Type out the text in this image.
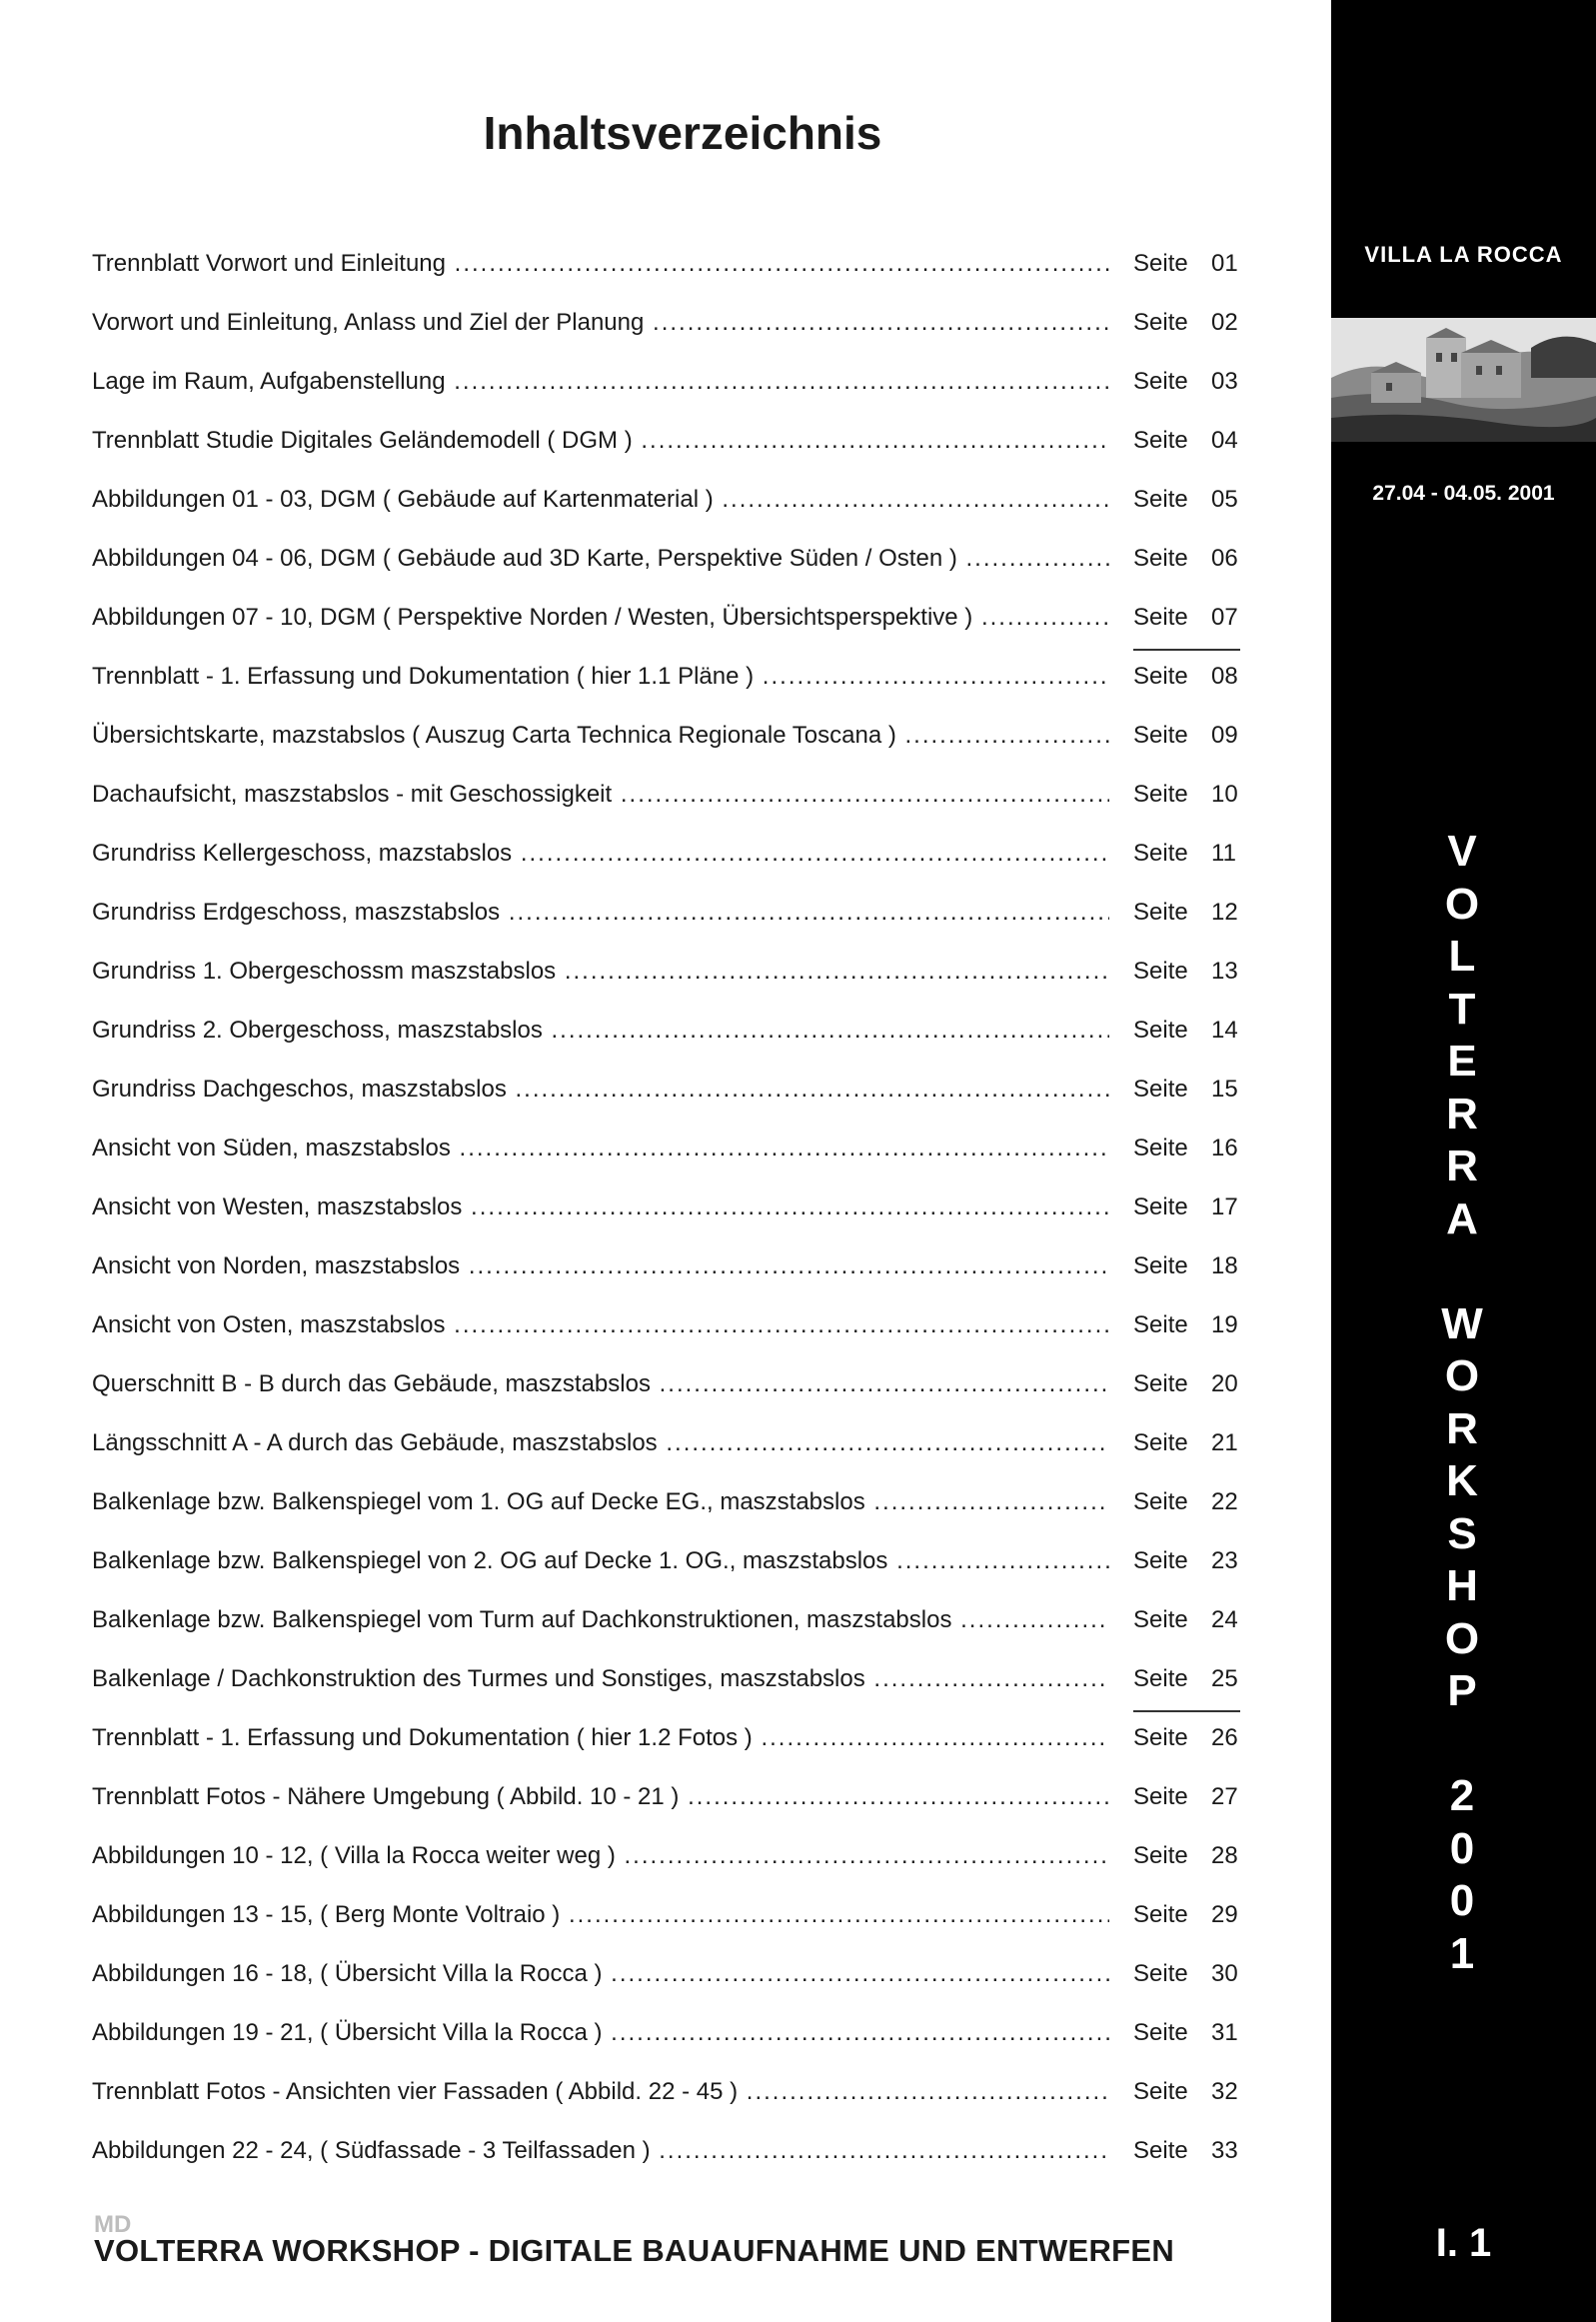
Inhaltsverzeichnis
Trennblatt Vorwort und Einleitung .....	Seite 01
Vorwort und Einleitung, Anlass und Ziel der Planung .....	Seite 02
Lage im Raum, Aufgabenstellung .....	Seite 03
Trennblatt Studie Digitales Geländemodell ( DGM ) .....	Seite 04
Abbildungen 01 - 03, DGM ( Gebäude auf Kartenmaterial ) .....	Seite 05
Abbildungen 04 - 06, DGM ( Gebäude aud 3D Karte, Perspektive Süden / Osten ) .....	Seite 06
Abbildungen 07 - 10, DGM ( Perspektive Norden / Westen, Übersichtsperspektive ) .....	Seite 07
Trennblatt - 1. Erfassung und Dokumentation ( hier 1.1 Pläne ) .....	Seite 08
Übersichtskarte, mazstabslos ( Auszug Carta Technica Regionale Toscana ) .....	Seite 09
Dachaufsicht, maszstabslos - mit Geschossigkeit .....	Seite 10
Grundriss Kellergeschoss, mazstabslos .....	Seite 11
Grundriss Erdgeschoss, maszstabslos .....	Seite 12
Grundriss 1. Obergeschossm maszstabslos .....	Seite 13
Grundriss 2. Obergeschoss, maszstabslos .....	Seite 14
Grundriss Dachgeschos, maszstabslos .....	Seite 15
Ansicht von Süden, maszstabslos .....	Seite 16
Ansicht von Westen, maszstabslos .....	Seite 17
Ansicht von Norden, maszstabslos .....	Seite 18
Ansicht von Osten, maszstabslos .....	Seite 19
Querschnitt B - B durch das Gebäude, maszstabslos .....	Seite 20
Längsschnitt A - A durch das Gebäude, maszstabslos .....	Seite 21
Balkenlage bzw. Balkenspiegel vom 1. OG auf Decke EG., maszstabslos .....	Seite 22
Balkenlage bzw. Balkenspiegel von 2. OG auf Decke 1. OG., maszstabslos .....	Seite 23
Balkenlage bzw. Balkenspiegel vom Turm auf Dachkonstruktionen, maszstabslos .....	Seite 24
Balkenlage / Dachkonstruktion des Turmes und Sonstiges, maszstabslos .....	Seite 25
Trennblatt - 1. Erfassung und Dokumentation ( hier 1.2 Fotos ) .....	Seite 26
Trennblatt Fotos - Nähere Umgebung ( Abbild. 10 - 21 ) .....	Seite 27
Abbildungen 10 - 12, ( Villa la Rocca weiter weg ) .....	Seite 28
Abbildungen 13 - 15, ( Berg Monte Voltraio ) .....	Seite 29
Abbildungen 16 - 18, ( Übersicht Villa la Rocca ) .....	Seite 30
Abbildungen 19 - 21, ( Übersicht Villa la Rocca ) .....	Seite 31
Trennblatt Fotos - Ansichten vier Fassaden ( Abbild. 22 - 45 ) .....	Seite 32
Abbildungen 22 - 24, ( Südfassade - 3 Teilfassaden ) .....	Seite 33
VILLA LA ROCCA
27.04 - 04.05. 2001
I. 1
V
O
L
T
E
R
R
A
W
O
R
K
S
H
O
P
2
0
0
1
MD
VOLTERRA WORKSHOP - DIGITALE BAUAUFNAHME UND ENTWERFEN
